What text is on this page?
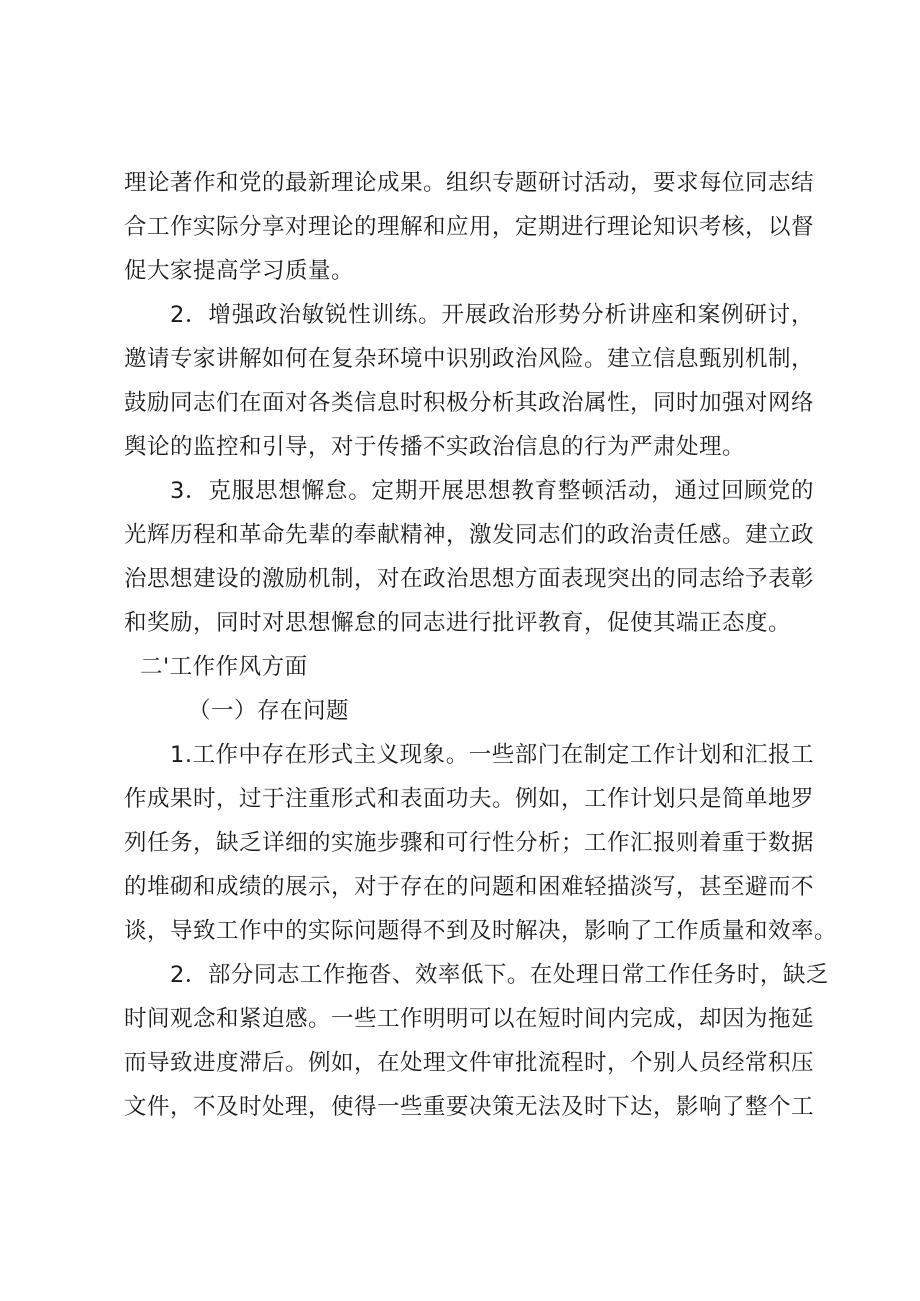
理论著作和党的最新理论成果。组织专题研讨活动，要求每位同志结
合工作实际分享对理论的理解和应用，定期进行理论知识考核，以督
促大家提高学习质量。
2．增强政治敏锐性训练。开展政治形势分析讲座和案例研讨，
邀请专家讲解如何在复杂环境中识别政治风险。建立信息甄别机制，
鼓励同志们在面对各类信息时积极分析其政治属性，同时加强对网络
舆论的监控和引导，对于传播不实政治信息的行为严肃处理。
3．克服思想懈怠。定期开展思想教育整顿活动，通过回顾党的
光辉历程和革命先辈的奉献精神，激发同志们的政治责任感。建立政
治思想建设的激励机制，对在政治思想方面表现突出的同志给予表彰
和奖励，同时对思想懈怠的同志进行批评教育，促使其端正态度。
二'工作作风方面
（一）存在问题
1.工作中存在形式主义现象。一些部门在制定工作计划和汇报工
作成果时，过于注重形式和表面功夫。例如，工作计划只是简单地罗
列任务，缺乏详细的实施步骤和可行性分析；工作汇报则着重于数据
的堆砌和成绩的展示，对于存在的问题和困难轻描淡写，甚至避而不
谈，导致工作中的实际问题得不到及时解决，影响了工作质量和效率。
2．部分同志工作拖沓、效率低下。在处理日常工作任务时，缺乏
时间观念和紧迫感。一些工作明明可以在短时间内完成，却因为拖延
而导致进度滞后。例如，在处理文件审批流程时，个别人员经常积压
文件，不及时处理，使得一些重要决策无法及时下达，影响了整个工
